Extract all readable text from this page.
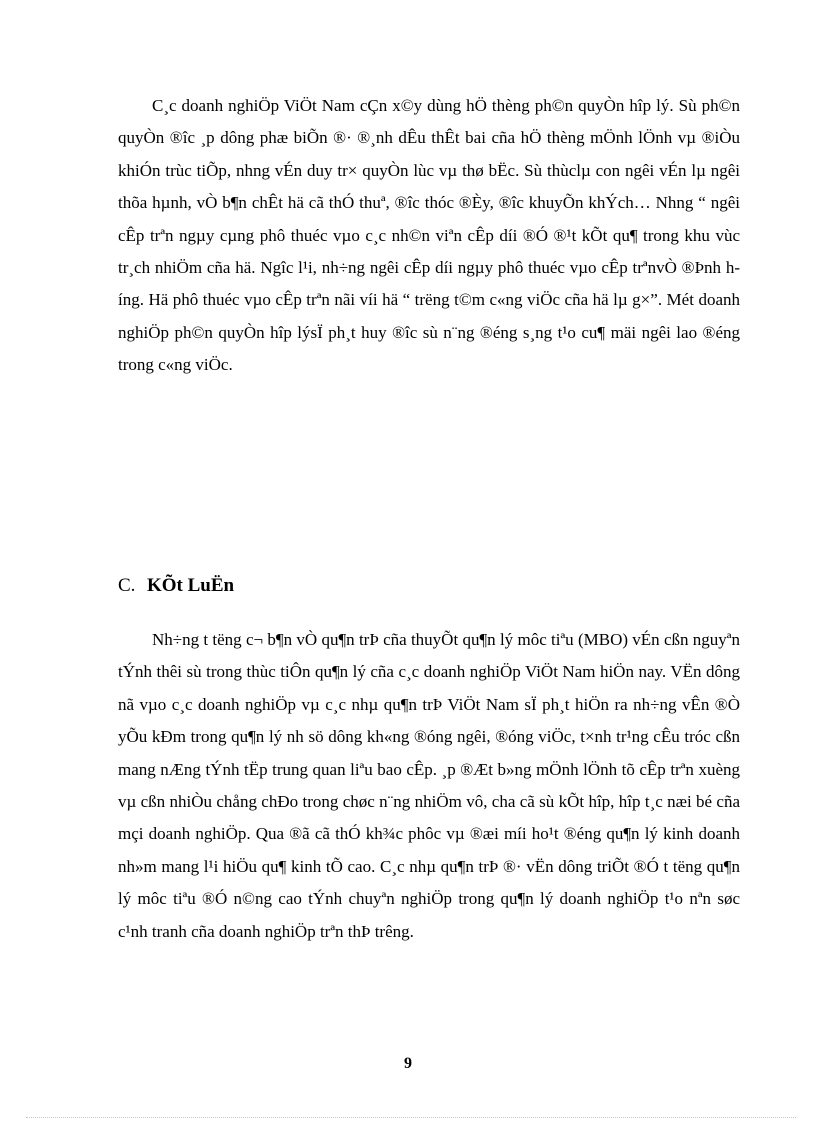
C¸c doanh nghiÖp ViÖt Nam cÇn x©y dùng hÖ thèng ph©n quyÒn hîp lý. Sù ph©n quyÒn ®îc ¸p dông phæ biÕn ®· ®¸nh dÊu thÊt bai cña hÖ thèng mÖnh lÖnh vµ ®iÒu khiÓn trùc tiÕp, nhng vÉn duy tr× quyÒn lùc vµ thø bËc. Sù thùclµ con ngêi vÉn lµ ngêi thõa hµnh, vÒ b¶n chÊt hä cã thÓ thuª, ®îc thóc ®Èy, ®îc khuyÕn khÝch… Nhng “ ngêi cÊp trªn ngµy cµng phô thuéc vµo c¸c nh©n viªn cÊp díi ®Ó ®¹t kÕt qu¶ trong khu vùc tr¸ch nhiÖm cña hä. Ngîc l¹i, nh÷ng ngêi cÊp díi ngµy phô thuéc vµo cÊp trªnvÒ ®Þnh híng. Hä phô thuéc vµo cÊp trªn nãi víi hä “ trëng t©m c«ng viÖc cña hä lµ g×”. Mét doanh nghiÖp ph©n quyÒn hîp lýsÏ ph¸t huy ®îc sù n¨ng ®éng s¸ng t¹o cu¶ mäi ngêi lao ®éng trong c«ng viÖc.

C. KÕt LuËn

Nh÷ng t tëng c¬ b¶n vÒ qu¶n trÞ cña thuyÕt qu¶n lý môc tiªu (MBO) vÉn cßn nguyªn tÝnh thêi sù trong thùc tiÔn qu¶n lý cña c¸c doanh nghiÖp ViÖt Nam hiÖn nay. VËn dông nã vµo c¸c doanh nghiÖp vµ c¸c nhµ qu¶n trÞ ViÖt Nam sÏ ph¸t hiÖn ra nh÷ng vÊn ®Ò yÕu kÐm trong qu¶n lý nh sö dông kh«ng ®óng ngêi, ®óng viÖc, t×nh tr¹ng cÊu tróc cßn mang nÆng tÝnh tËp trung quan liªu bao cÊp. ¸p ®Æt b»ng mÖnh lÖnh tõ cÊp trªn xuèng vµ cßn nhiÒu chång chÐo trong chøc n¨ng nhiÖm vô, cha cã sù kÕt hîp, hîp t¸c næi bé cña mçi doanh nghiÖp. Qua ®ã cã thÓ kh¾c phôc vµ ®æi míi ho¹t ®éng qu¶n lý kinh doanh nh»m mang l¹i hiÖu qu¶ kinh tÕ cao. C¸c nhµ qu¶n trÞ ®· vËn dông triÕt ®Ó t tëng qu¶n lý môc tiªu ®Ó n©ng cao tÝnh chuyªn nghiÖp trong qu¶n lý doanh nghiÖp t¹o nªn søc c¹nh tranh cña doanh nghiÖp trªn thÞ trêng.

9
